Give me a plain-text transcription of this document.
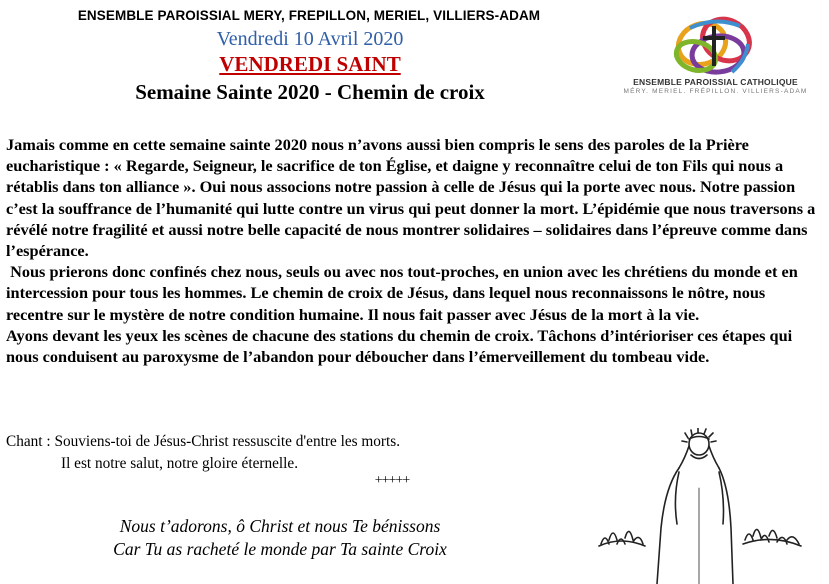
ENSEMBLE PAROISSIAL MERY, FREPILLON, MERIEL, VILLIERS-ADAM
Vendredi 10 Avril 2020
VENDREDI SAINT
Semaine Sainte 2020 - Chemin de croix	ENSEMBLE PAROISSIAL CATHOLIQUE
MÉRY. MERIEL. FRÉPILLON. VILLIERS-ADAM

Jamais comme en cette semaine sainte 2020 nous n’avons aussi bien compris le sens des paroles de la Prière eucharistique : « Regarde, Seigneur, le sacrifice de ton Église, et daigne y reconnaître celui de ton Fils qui nous a rétablis dans ton alliance ». Oui nous associons notre passion à celle de Jésus qui la porte avec nous. Notre passion c’est la souffrance de l’humanité qui lutte contre un virus qui peut donner la mort. L’épidémie que nous traversons a révélé notre fragilité et aussi notre belle capacité de nous montrer solidaires – solidaires dans l’épreuve comme dans l’espérance.

Nous prierons donc confinés chez nous, seuls ou avec nos tout-proches, en union avec les chrétiens du monde et en intercession pour tous les hommes. Le chemin de croix de Jésus, dans lequel nous reconnaissons le nôtre, nous recentre sur le mystère de notre condition humaine. Il nous fait passer avec Jésus de la mort à la vie.

Ayons devant les yeux les scènes de chacune des stations du chemin de croix. Tâchons d’intérioriser ces étapes qui nous conduisent au paroxysme de l’abandon pour déboucher dans l’émerveillement du tombeau vide.

Chant : Souviens-toi de Jésus-Christ ressuscite d'entre les morts.
Il est notre salut, notre gloire éternelle.
+++++
Nous t’adorons, ô Christ et nous Te bénissons
Car Tu as racheté le monde par Ta sainte Croix
